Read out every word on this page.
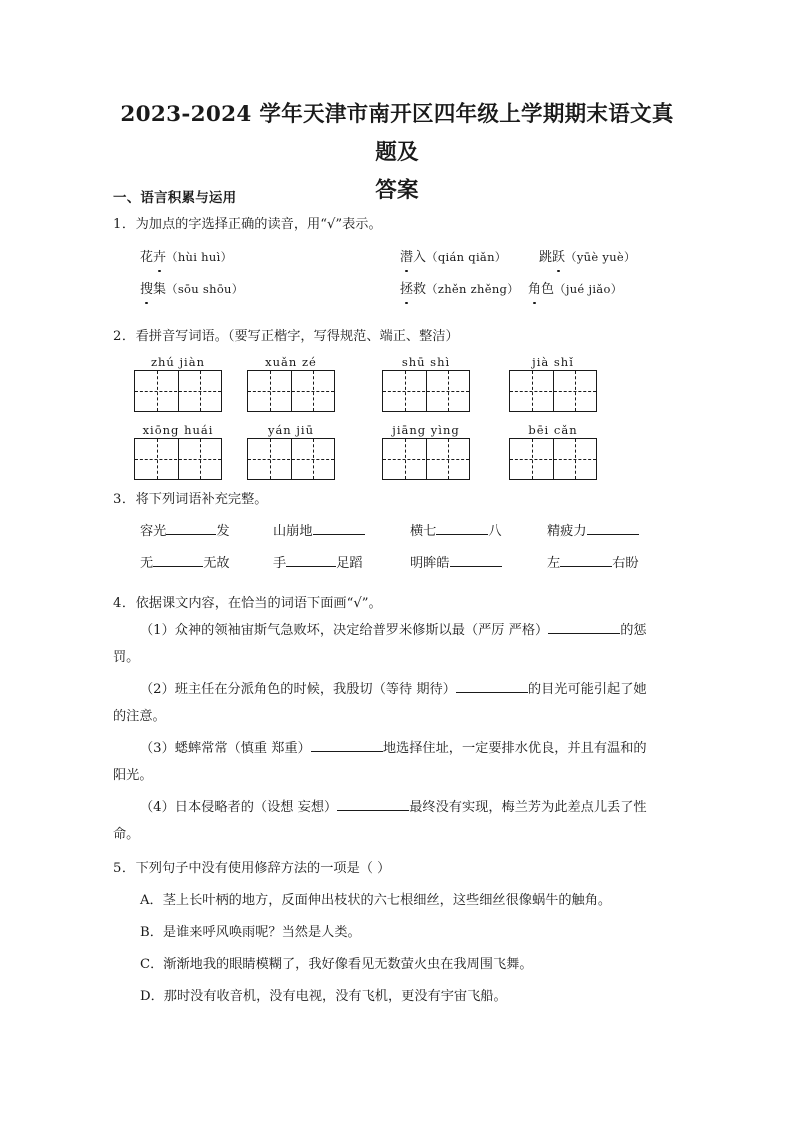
2023-2024 学年天津市南开区四年级上学期期末语文真题及
答案
一、语言积累与运用
1．为加点的字选择正确的读音，用“√”表示。
花卉（hùi huì）	潜入（qián qiǎn） 跳跃（yūè yuè）
搜集（sōu shōu）	拯救（zhěn zhěng） 角色（jué jiǎo）
2．看拼音写词语。（要写正楷字，写得规范、端正、整洁）
zhú jiàn	xuǎn zé	shū shì	jià shǐ
xiōng huái	yán jiū	jiāng yìng	bēi cǎn
3．将下列词语补充完整。
容光	发	山崩地	横七	八	精疲力
无	无故	手	足蹈	明眸皓	左	右盼
4．依据课文内容，在恰当的词语下面画“√”。
（1）众神的领袖宙斯气急败坏，决定给普罗米修斯以最（严厉 严格）	的惩
罚。
（2）班主任在分派角色的时候，我殷切（等待 期待）	的目光可能引起了她
的注意。
（3）蟋蟀常常（慎重 郑重）	地选择住址，一定要排水优良，并且有温和的
阳光。
（4）日本侵略者的（设想 妄想）	最终没有实现，梅兰芳为此差点儿丢了性
命。
5．下列句子中没有使用修辞方法的一项是（ ）
A．茎上长叶柄的地方，反面伸出枝状的六七根细丝，这些细丝很像蜗牛的触角。
B．是谁来呼风唤雨呢？当然是人类。
C．渐渐地我的眼睛模糊了，我好像看见无数萤火虫在我周围飞舞。
D．那时没有收音机，没有电视，没有飞机，更没有宇宙飞船。
